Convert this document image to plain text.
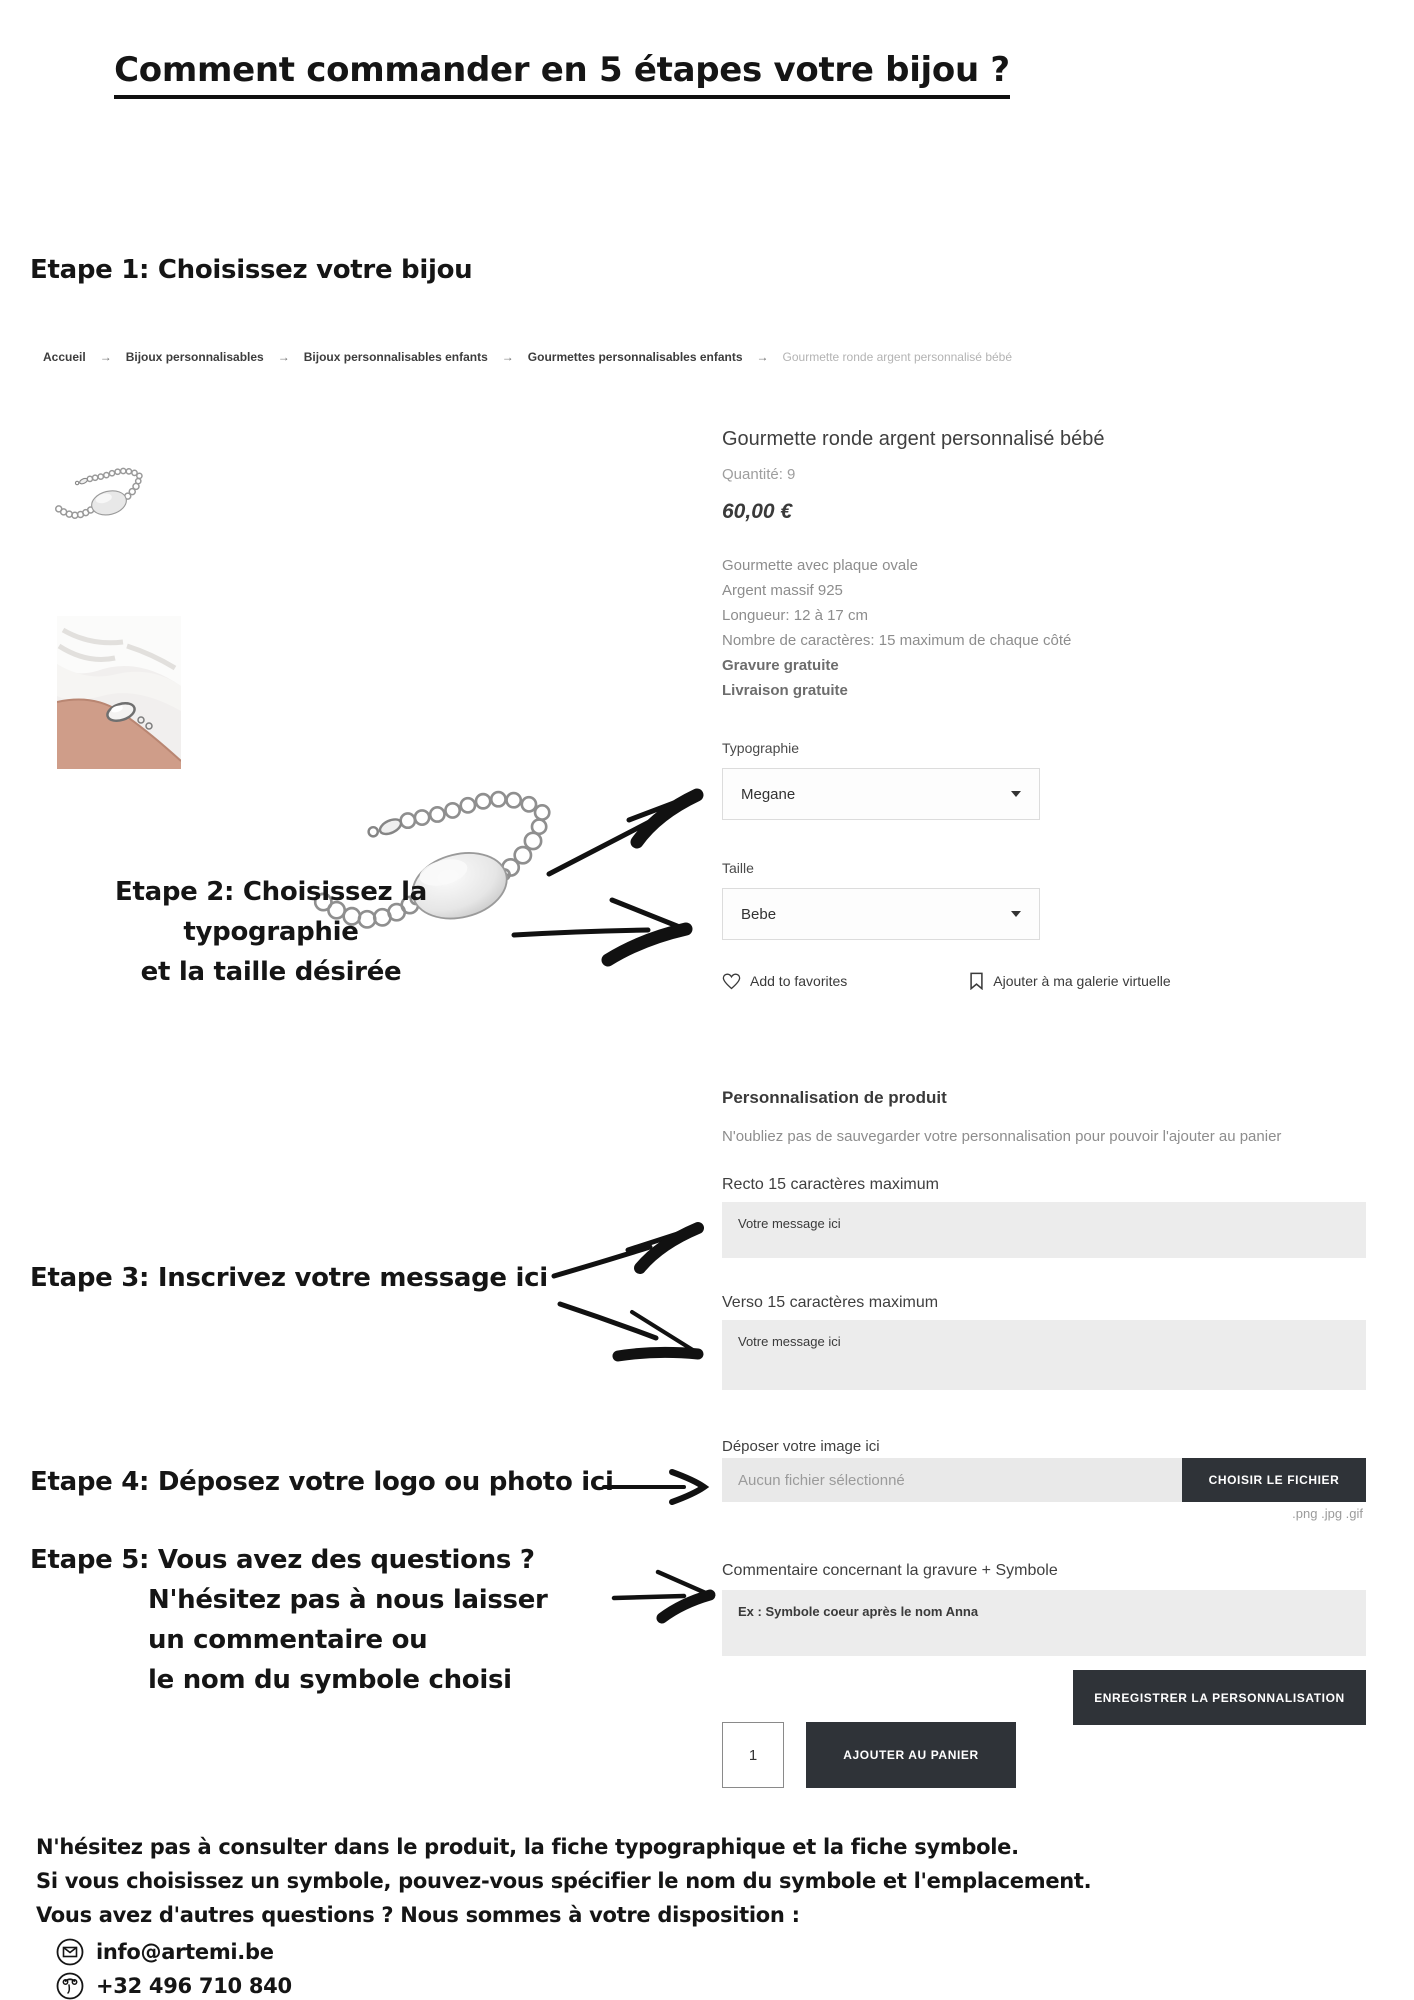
Comment commander en 5 étapes votre bijou ?
Etape 1: Choisissez votre bijou
Accueil → Bijoux personnalisables → Bijoux personnalisables enfants → Gourmettes personnalisables enfants → Gourmette ronde argent personnalisé bébé
Gourmette ronde argent personnalisé bébé
Quantité: 9
60,00 €
Gourmette avec plaque ovale
Argent massif 925
Longueur: 12 à 17 cm
Nombre de caractères: 15 maximum de chaque côté
Gravure gratuite
Livraison gratuite
Typographie
Megane
Taille
Bebe
Add to favorites	Ajouter à ma galerie virtuelle
Etape 2: Choisissez la typographie
et la taille désirée
Personnalisation de produit
N'oubliez pas de sauvegarder votre personnalisation pour pouvoir l'ajouter au panier
Recto 15 caractères maximum
Votre message ici
Verso 15 caractères maximum
Votre message ici
Etape 3: Inscrivez votre message ici
Déposer votre image ici
Aucun fichier sélectionné	CHOISIR LE FICHIER
.png .jpg .gif
Etape 4: Déposez votre logo ou photo ici
Etape 5: Vous avez des questions ?
N'hésitez pas à nous laisser
un commentaire ou
le nom du symbole choisi
Commentaire concernant la gravure + Symbole
Ex : Symbole coeur après le nom Anna
ENREGISTRER LA PERSONNALISATION
1
AJOUTER AU PANIER
N'hésitez pas à consulter dans le produit, la fiche typographique et la fiche symbole.
Si vous choisissez un symbole, pouvez-vous spécifier le nom du symbole et l'emplacement.
Vous avez d'autres questions ? Nous sommes à votre disposition :
info@artemi.be
+32 496 710 840
